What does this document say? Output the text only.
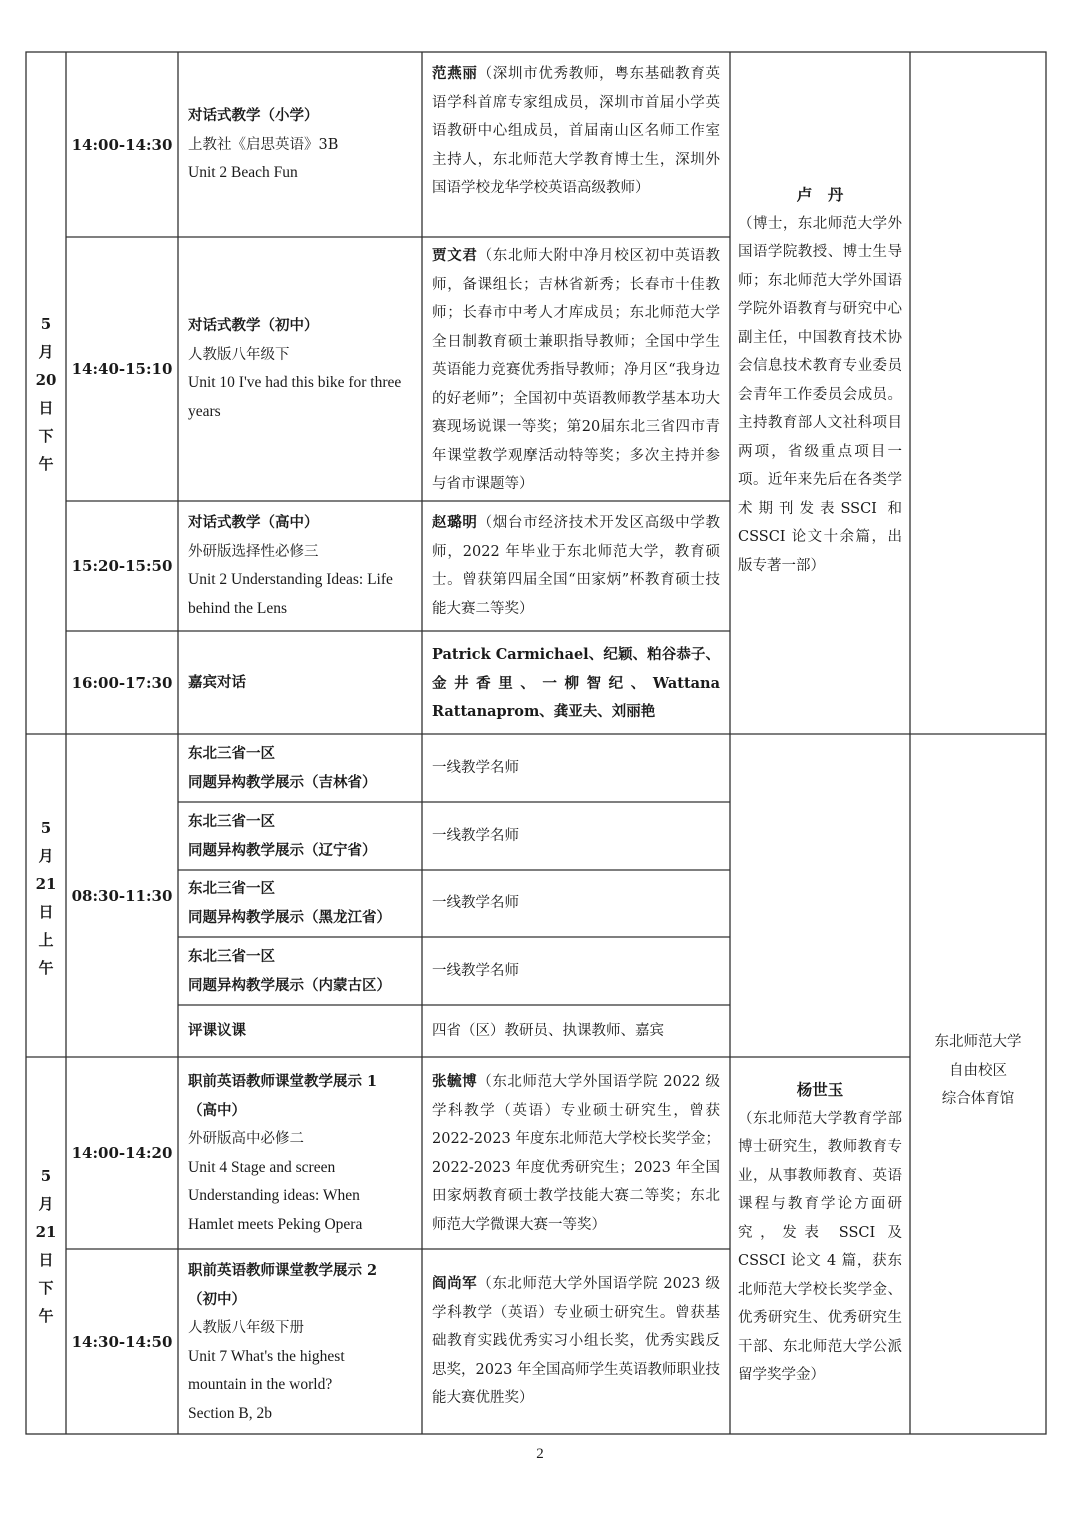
5
月
20
日
下
午
14:00-14:30
对话式教学（小学）
上教社《启思英语》3B
Unit 2 Beach Fun
范燕丽（深圳市优秀教师，粤东基础教育英语学科首席专家组成员，深圳市首届小学英语教研中心组成员，首届南山区名师工作室主持人，东北师范大学教育博士生，深圳外国语学校龙华学校英语高级教师）
14:40-15:10
对话式教学（初中）
人教版八年级下
Unit 10 I've had this bike for three years
贾文君（东北师大附中净月校区初中英语教师，备课组长；吉林省新秀；长春市十佳教师；长春市中考人才库成员；东北师范大学全日制教育硕士兼职指导教师；全国中学生英语能力竞赛优秀指导教师；净月区“我身边的好老师”；全国初中英语教师教学基本功大赛现场说课一等奖；第20届东北三省四市青年课堂教学观摩活动特等奖；多次主持并参与省市课题等）
15:20-15:50
对话式教学（高中）
外研版选择性必修三
Unit 2 Understanding Ideas: Life behind the Lens
赵璐明（烟台市经济技术开发区高级中学教师，2022 年毕业于东北师范大学，教育硕士。曾获第四届全国“田家炳”杯教育硕士技能大赛二等奖）
16:00-17:30	嘉宾对话
Patrick Carmichael、纪颖、粕谷恭子、金井香里、一柳智纪、Wattana Rattanaprom、龚亚夫、刘丽艳
卢　丹
（博士，东北师范大学外国语学院教授、博士生导师；东北师范大学外国语学院外语教育与研究中心副主任，中国教育技术协会信息技术教育专业委员会青年工作委员会成员。主持教育部人文社科项目两项，省级重点项目一项。近年来先后在各类学术期刊发表SSCI 和 CSSCI 论文十余篇，出版专著一部）
5
月
21
日
上
午
08:30-11:30
东北三省一区
同题异构教学展示（吉林省）
一线教学名师
东北三省一区
同题异构教学展示（辽宁省）
一线教学名师
东北三省一区
同题异构教学展示（黑龙江省）
一线教学名师
东北三省一区
同题异构教学展示（内蒙古区）
一线教学名师
评课议课	四省（区）教研员、执课教师、嘉宾
5
月
21
日
下
午
14:00-14:20
职前英语教师课堂教学展示 1
（高中）
外研版高中必修二
Unit 4 Stage and screen
Understanding ideas: When
Hamlet meets Peking Opera
张毓博（东北师范大学外国语学院 2022 级学科教学（英语）专业硕士研究生，曾获 2022-2023 年度东北师范大学校长奖学金；2022-2023 年度优秀研究生；2023 年全国田家炳教育硕士教学技能大赛二等奖；东北师范大学微课大赛一等奖）
14:30-14:50
职前英语教师课堂教学展示 2
（初中）
人教版八年级下册
Unit 7 What's the highest
mountain in the world?
Section B, 2b
阎尚军（东北师范大学外国语学院 2023 级学科教学（英语）专业硕士研究生。曾获基础教育实践优秀实习小组长奖，优秀实践反思奖，2023 年全国高师学生英语教师职业技能大赛优胜奖）
杨世玉
（东北师范大学教育学部博士研究生，教师教育专业，从事教师教育、英语课程与教育学论方面研究，发表 SSCI 及 CSSCI 论文 4 篇，获东北师范大学校长奖学金、优秀研究生、优秀研究生干部、东北师范大学公派留学奖学金）
东北师范大学
自由校区
综合体育馆
2
